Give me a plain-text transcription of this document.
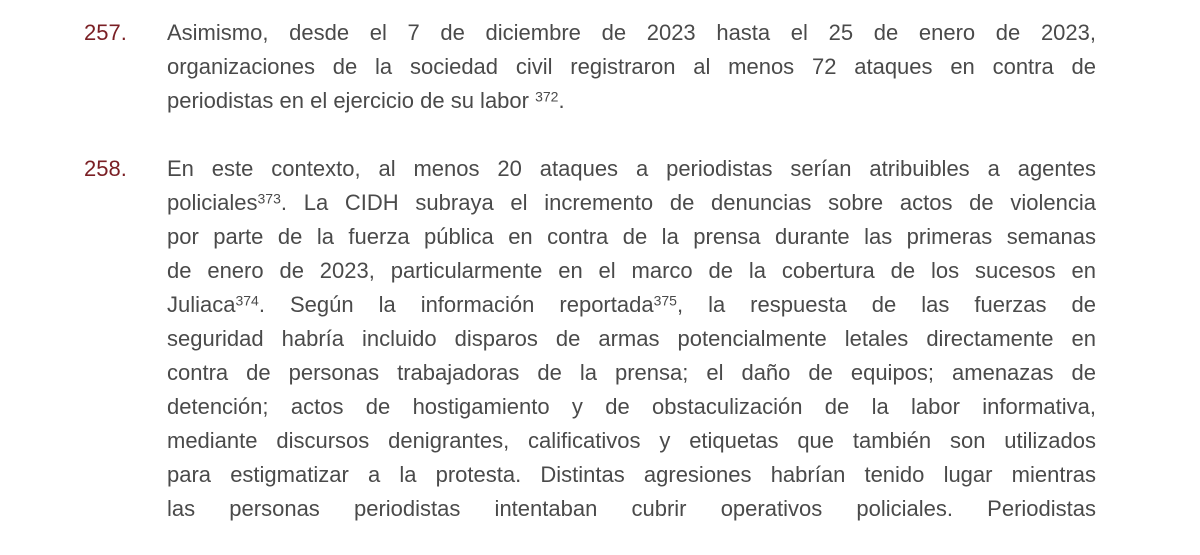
257. Asimismo, desde el 7 de diciembre de 2023 hasta el 25 de enero de 2023,
organizaciones de la sociedad civil registraron al menos 72 ataques en contra de
periodistas en el ejercicio de su labor $^{372}$.
258. En este contexto, al menos 20 ataques a periodistas serían atribuibles a agentes
policiales$^{373}$. La CIDH subraya el incremento de denuncias sobre actos de violencia
por parte de la fuerza pública en contra de la prensa durante las primeras semanas
de enero de 2023, particularmente en el marco de la cobertura de los sucesos en
Juliaca$^{374}$. Según la información reportada$^{375}$, la respuesta de las fuerzas de
seguridad habría incluido disparos de armas potencialmente letales directamente en
contra de personas trabajadoras de la prensa; el daño de equipos; amenazas de
detención; actos de hostigamiento y de obstaculización de la labor informativa,
mediante discursos denigrantes, calificativos y etiquetas que también son utilizados
para estigmatizar a la protesta. Distintas agresiones habrían tenido lugar mientras
las personas periodistas intentaban cubrir operativos policiales. Periodistas
